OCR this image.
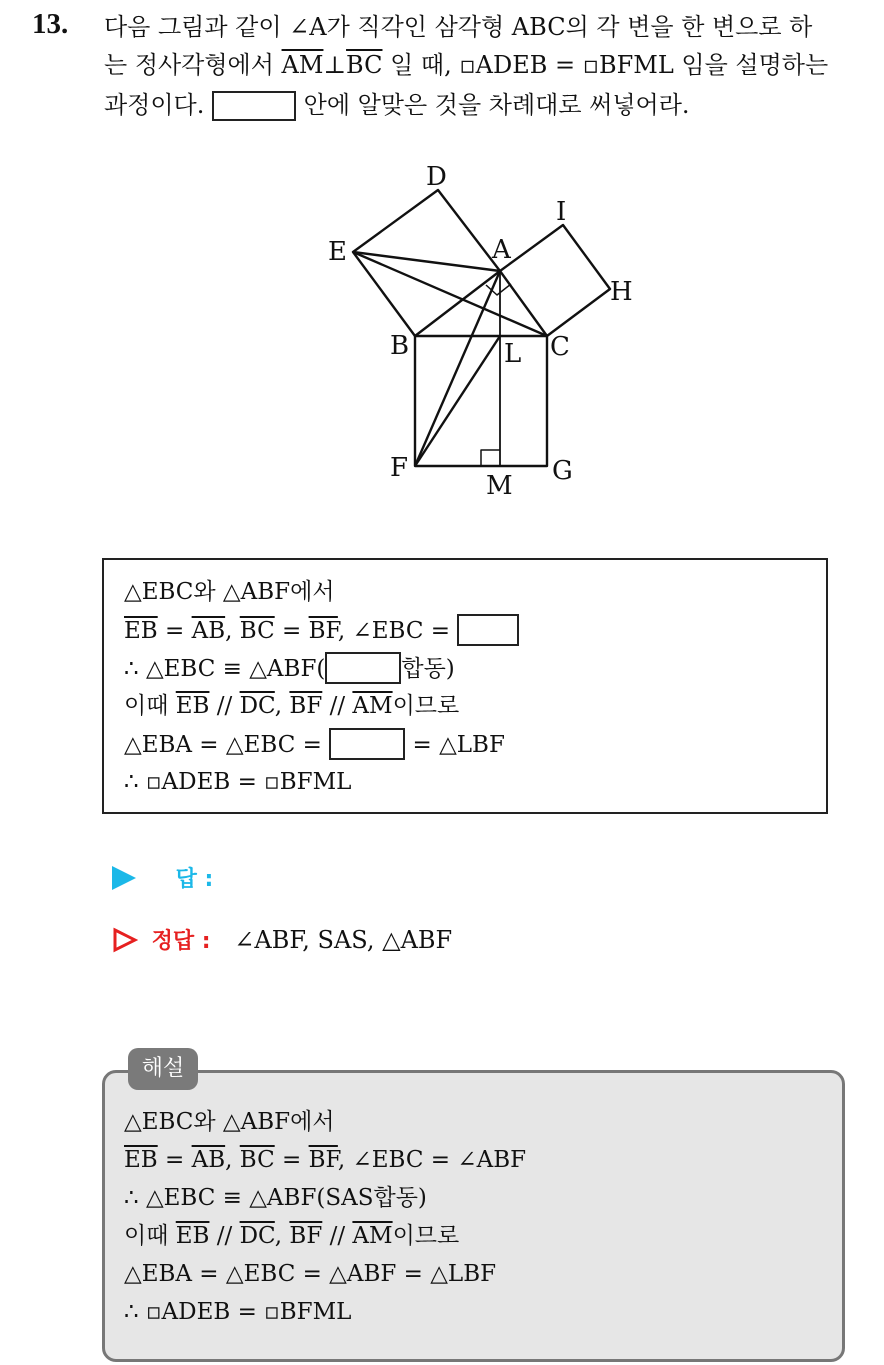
13. 다음 그림과 같이 ∠A가 직각인 삼각형 ABC의 각 변을 한 변으로 하
는 정사각형에서 $\overline{AM}\perp\overline{BC}$ 일 때, ▫ADEB = ▫BFML 임을 설명하는
과정이다.	안에 알맞은 것을 차례대로 써넣어라.
D
I
E	A
H
B	L C
F	G
M
△EBC와 △ABF에서
$\overline{EB} = \overline{AB}$, $\overline{BC} = \overline{BF}$, ∠EBC =
∴ △EBC ≡ △ABF(	합동)
이때 $\overline{EB} // \overline{DC}$, $\overline{BF} // \overline{AM}$이므로
△EBA = △EBC =	= △LBF
∴ ▫ADEB = ▫BFML
답 :
정답 : ∠ABF, SAS, △ABF
해설
△EBC와 △ABF에서
$\overline{EB} = \overline{AB}$, $\overline{BC} = \overline{BF}$, ∠EBC = ∠ABF
∴ △EBC ≡ △ABF(SAS합동)
이때 $\overline{EB} // \overline{DC}$, $\overline{BF} // \overline{AM}$이므로
△EBA = △EBC = △ABF = △LBF
∴ ▫ADEB = ▫BFML
